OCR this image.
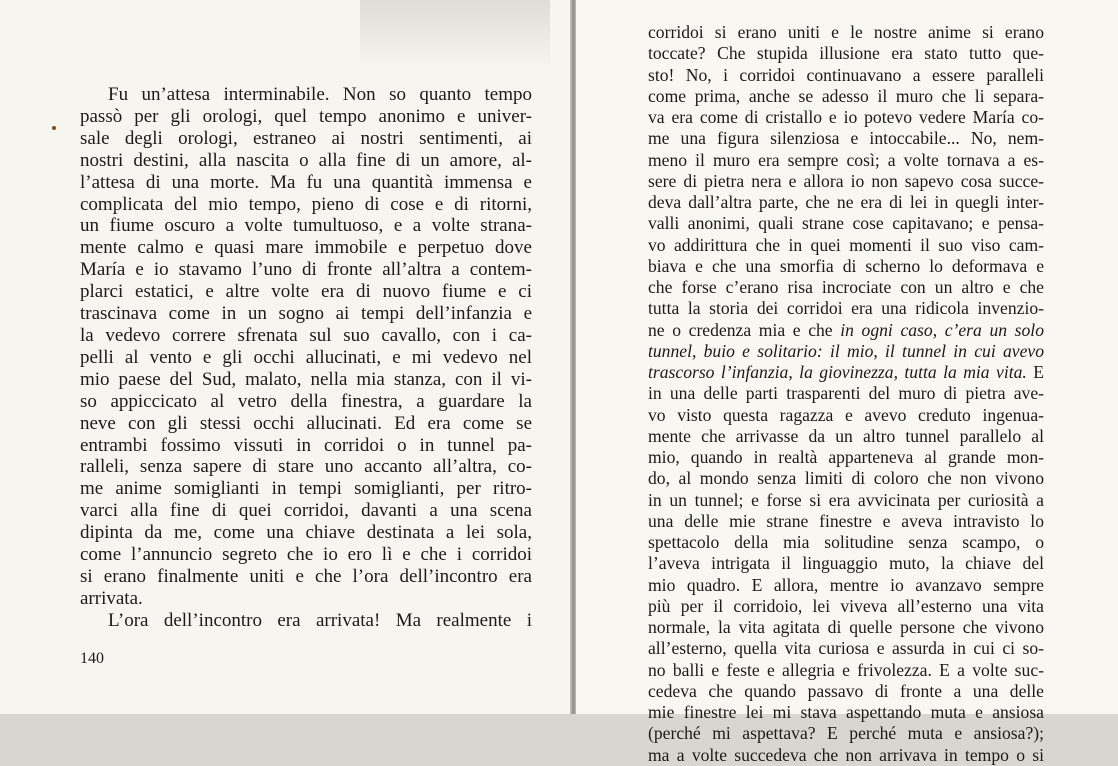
Fu un’attesa interminabile. Non so quanto tempo
passò per gli orologi, quel tempo anonimo e univer-
sale degli orologi, estraneo ai nostri sentimenti, ai
nostri destini, alla nascita o alla fine di un amore, al-
l’attesa di una morte. Ma fu una quantità immensa e
complicata del mio tempo, pieno di cose e di ritorni,
un fiume oscuro a volte tumultuoso, e a volte strana-
mente calmo e quasi mare immobile e perpetuo dove
María e io stavamo l’uno di fronte all’altra a contem-
plarci estatici, e altre volte era di nuovo fiume e ci
trascinava come in un sogno ai tempi dell’infanzia e
la vedevo correre sfrenata sul suo cavallo, con i ca-
pelli al vento e gli occhi allucinati, e mi vedevo nel
mio paese del Sud, malato, nella mia stanza, con il vi-
so appiccicato al vetro della finestra, a guardare la
neve con gli stessi occhi allucinati. Ed era come se
entrambi fossimo vissuti in corridoi o in tunnel pa-
ralleli, senza sapere di stare uno accanto all’altra, co-
me anime somiglianti in tempi somiglianti, per ritro-
varci alla fine di quei corridoi, davanti a una scena
dipinta da me, come una chiave destinata a lei sola,
come l’annuncio segreto che io ero lì e che i corridoi
si erano finalmente uniti e che l’ora dell’incontro era
arrivata.
L’ora dell’incontro era arrivata! Ma realmente i
140
corridoi si erano uniti e le nostre anime si erano
toccate? Che stupida illusione era stato tutto que-
sto! No, i corridoi continuavano a essere paralleli
come prima, anche se adesso il muro che li separa-
va era come di cristallo e io potevo vedere María co-
me una figura silenziosa e intoccabile... No, nem-
meno il muro era sempre così; a volte tornava a es-
sere di pietra nera e allora io non sapevo cosa succe-
deva dall’altra parte, che ne era di lei in quegli inter-
valli anonimi, quali strane cose capitavano; e pensa-
vo addirittura che in quei momenti il suo viso cam-
biava e che una smorfia di scherno lo deformava e
che forse c’erano risa incrociate con un altro e che
tutta la storia dei corridoi era una ridicola invenzio-
ne o credenza mia e che in ogni caso, c’era un solo
tunnel, buio e solitario: il mio, il tunnel in cui avevo
trascorso l’infanzia, la giovinezza, tutta la mia vita. E
in una delle parti trasparenti del muro di pietra ave-
vo visto questa ragazza e avevo creduto ingenua-
mente che arrivasse da un altro tunnel parallelo al
mio, quando in realtà apparteneva al grande mon-
do, al mondo senza limiti di coloro che non vivono
in un tunnel; e forse si era avvicinata per curiosità a
una delle mie strane finestre e aveva intravisto lo
spettacolo della mia solitudine senza scampo, o
l’aveva intrigata il linguaggio muto, la chiave del
mio quadro. E allora, mentre io avanzavo sempre
più per il corridoio, lei viveva all’esterno una vita
normale, la vita agitata di quelle persone che vivono
all’esterno, quella vita curiosa e assurda in cui ci so-
no balli e feste e allegria e frivolezza. E a volte suc-
cedeva che quando passavo di fronte a una delle
mie finestre lei mi stava aspettando muta e ansiosa
(perché mi aspettava? E perché muta e ansiosa?);
ma a volte succedeva che non arrivava in tempo o si
